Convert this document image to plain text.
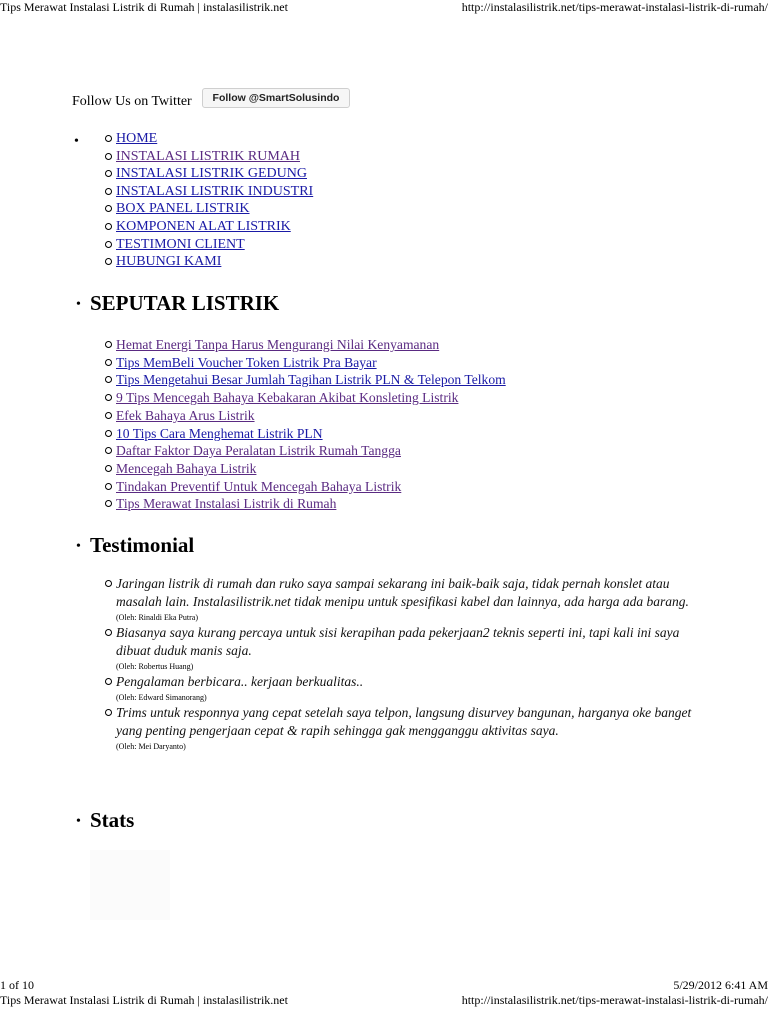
Tips Merawat Instalasi Listrik di Rumah | instalasilistrik.net	http://instalasilistrik.net/tips-merawat-instalasi-listrik-di-rumah/
Follow Us on Twitter	Follow @SmartSolusindo
•	HOME
INSTALASI LISTRIK RUMAH
INSTALASI LISTRIK GEDUNG
INSTALASI LISTRIK INDUSTRI
BOX PANEL LISTRIK
KOMPONEN ALAT LISTRIK
TESTIMONI CLIENT
HUBUNGI KAMI
• SEPUTAR LISTRIK
Hemat Energi Tanpa Harus Mengurangi Nilai Kenyamanan
Tips MemBeli Voucher Token Listrik Pra Bayar
Tips Mengetahui Besar Jumlah Tagihan Listrik PLN & Telepon Telkom
9 Tips Mencegah Bahaya Kebakaran Akibat Konsleting Listrik
Efek Bahaya Arus Listrik
10 Tips Cara Menghemat Listrik PLN
Daftar Faktor Daya Peralatan Listrik Rumah Tangga
Mencegah Bahaya Listrik
Tindakan Preventif Untuk Mencegah Bahaya Listrik
Tips Merawat Instalasi Listrik di Rumah
• Testimonial
Jaringan listrik di rumah dan ruko saya sampai sekarang ini baik-baik saja, tidak pernah konslet atau masalah lain. Instalasilistrik.net tidak menipu untuk spesifikasi kabel dan lainnya, ada harga ada barang.
(Oleh: Rinaldi Eka Putra)
Biasanya saya kurang percaya untuk sisi kerapihan pada pekerjaan2 teknis seperti ini, tapi kali ini saya dibuat duduk manis saja.
(Oleh: Robertus Huang)
Pengalaman berbicara.. kerjaan berkualitas..
(Oleh: Edward Simanorang)
Trims untuk responnya yang cepat setelah saya telpon, langsung disurvey bangunan, harganya oke banget yang penting pengerjaan cepat & rapih sehingga gak mengganggu aktivitas saya.
(Oleh: Mei Daryanto)
• Stats
1 of 10	5/29/2012 6:41 AM
Tips Merawat Instalasi Listrik di Rumah | instalasilistrik.net	http://instalasilistrik.net/tips-merawat-instalasi-listrik-di-rumah/
